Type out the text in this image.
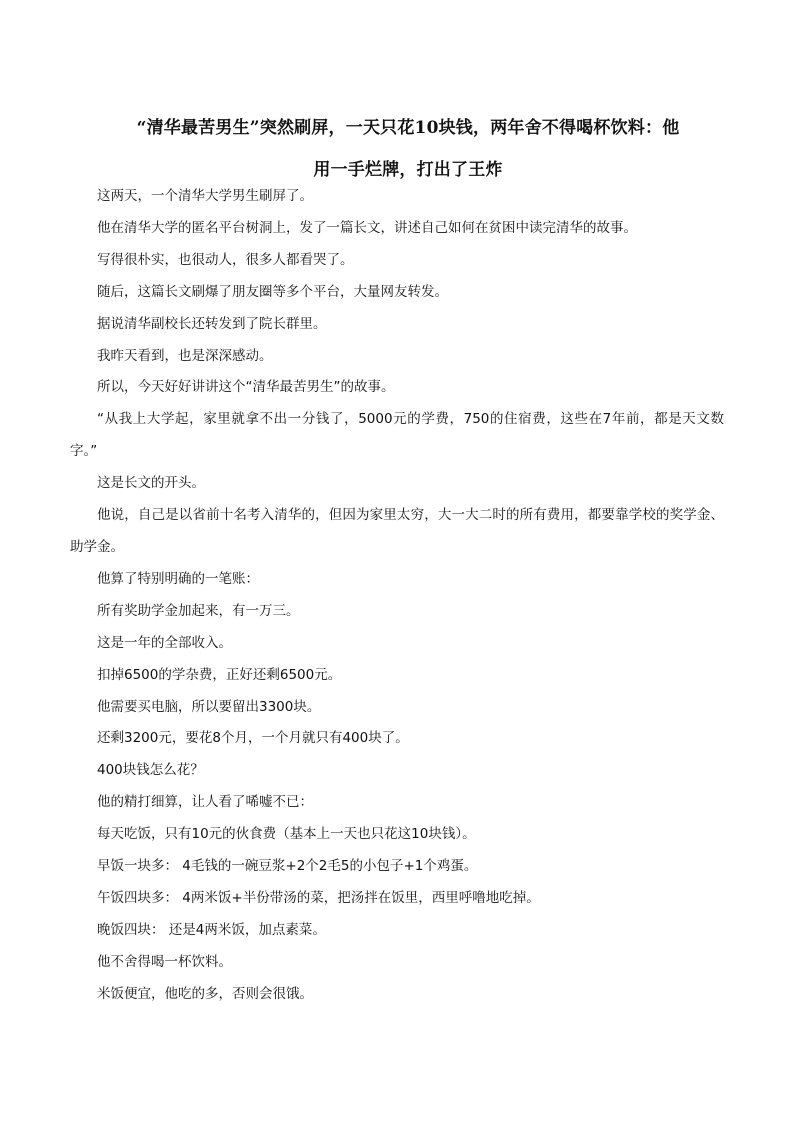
“清华最苦男生”突然刷屏，一天只花10块钱，两年舍不得喝杯饮料：他
用一手烂牌，打出了王炸

这两天，一个清华大学男生刷屏了。

他在清华大学的匿名平台树洞上，发了一篇长文，讲述自己如何在贫困中读完清华的故事。

写得很朴实，也很动人，很多人都看哭了。

随后，这篇长文刷爆了朋友圈等多个平台，大量网友转发。

据说清华副校长还转发到了院长群里。

我昨天看到，也是深深感动。

所以，今天好好讲讲这个“清华最苦男生”的故事。

“从我上大学起，家里就拿不出一分钱了，5000元的学费，750的住宿费，这些在7年前，都是天文数字。”

这是长文的开头。

他说，自己是以省前十名考入清华的，但因为家里太穷，大一大二时的所有费用，都要靠学校的奖学金、助学金。

他算了特别明确的一笔账：

所有奖助学金加起来，有一万三。

这是一年的全部收入。

扣掉6500的学杂费，正好还剩6500元。

他需要买电脑，所以要留出3300块。

还剩3200元，要花8个月，一个月就只有400块了。

400块钱怎么花？

他的精打细算，让人看了唏嘘不已：

每天吃饭，只有10元的伙食费（基本上一天也只花这10块钱）。

早饭一块多： 4毛钱的一碗豆浆+2个2毛5的小包子+1个鸡蛋。

午饭四块多： 4两米饭+半份带汤的菜，把汤拌在饭里，西里呼噜地吃掉。

晚饭四块： 还是4两米饭，加点素菜。

他不舍得喝一杯饮料。

米饭便宜，他吃的多，否则会很饿。
